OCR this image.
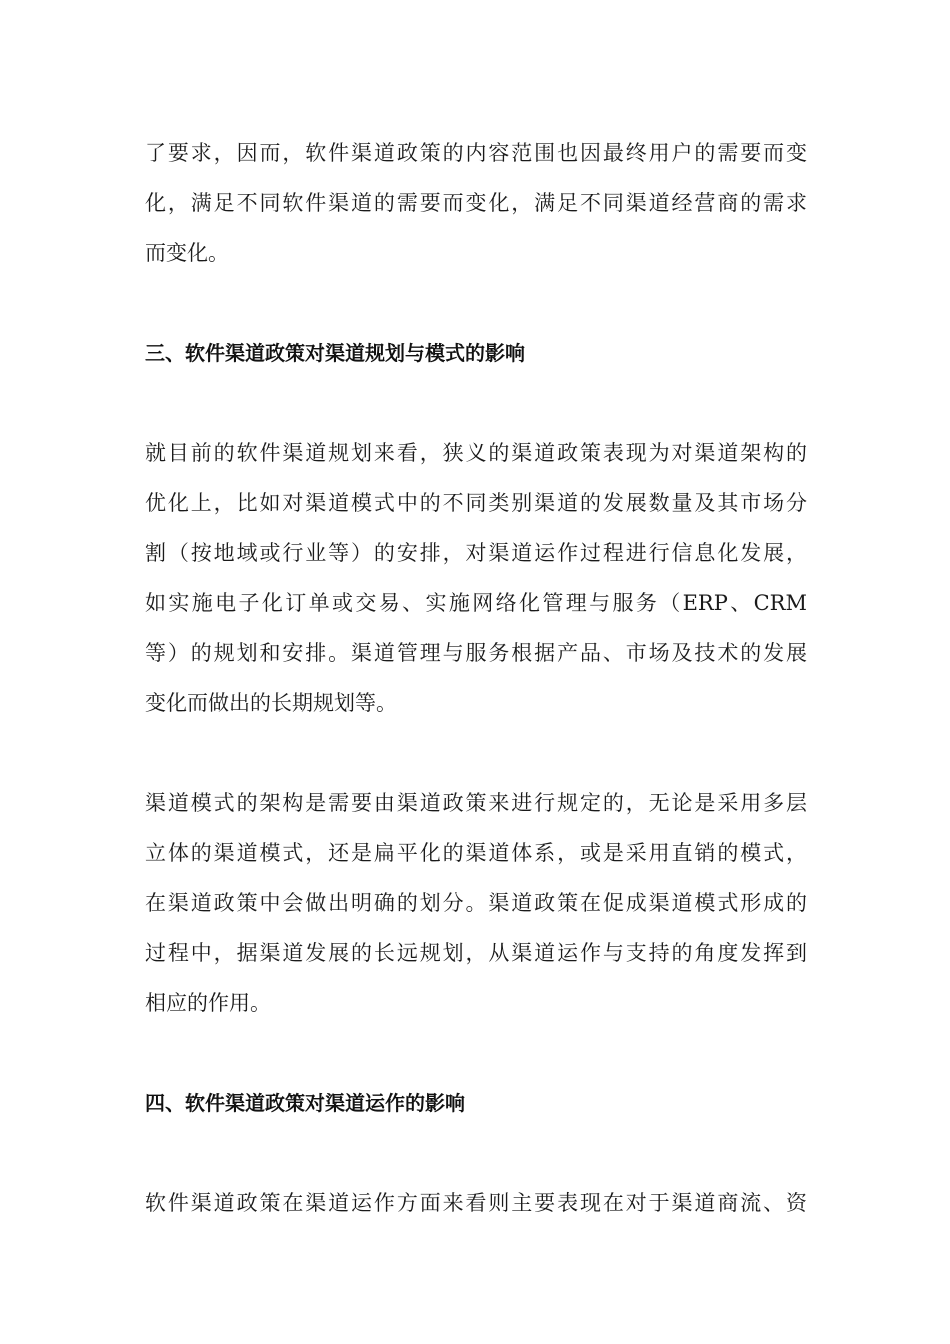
了要求，因而，软件渠道政策的内容范围也因最终用户的需要而变
化，满足不同软件渠道的需要而变化，满足不同渠道经营商的需求
而变化。
三、软件渠道政策对渠道规划与模式的影响
就目前的软件渠道规划来看，狭义的渠道政策表现为对渠道架构的
优化上，比如对渠道模式中的不同类别渠道的发展数量及其市场分
割（按地域或行业等）的安排，对渠道运作过程进行信息化发展，
如实施电子化订单或交易、实施网络化管理与服务（ERP、CRM
等）的规划和安排。渠道管理与服务根据产品、市场及技术的发展
变化而做出的长期规划等。
渠道模式的架构是需要由渠道政策来进行规定的，无论是采用多层
立体的渠道模式，还是扁平化的渠道体系，或是采用直销的模式，
在渠道政策中会做出明确的划分。渠道政策在促成渠道模式形成的
过程中，据渠道发展的长远规划，从渠道运作与支持的角度发挥到
相应的作用。
四、软件渠道政策对渠道运作的影响
软件渠道政策在渠道运作方面来看则主要表现在对于渠道商流、资
